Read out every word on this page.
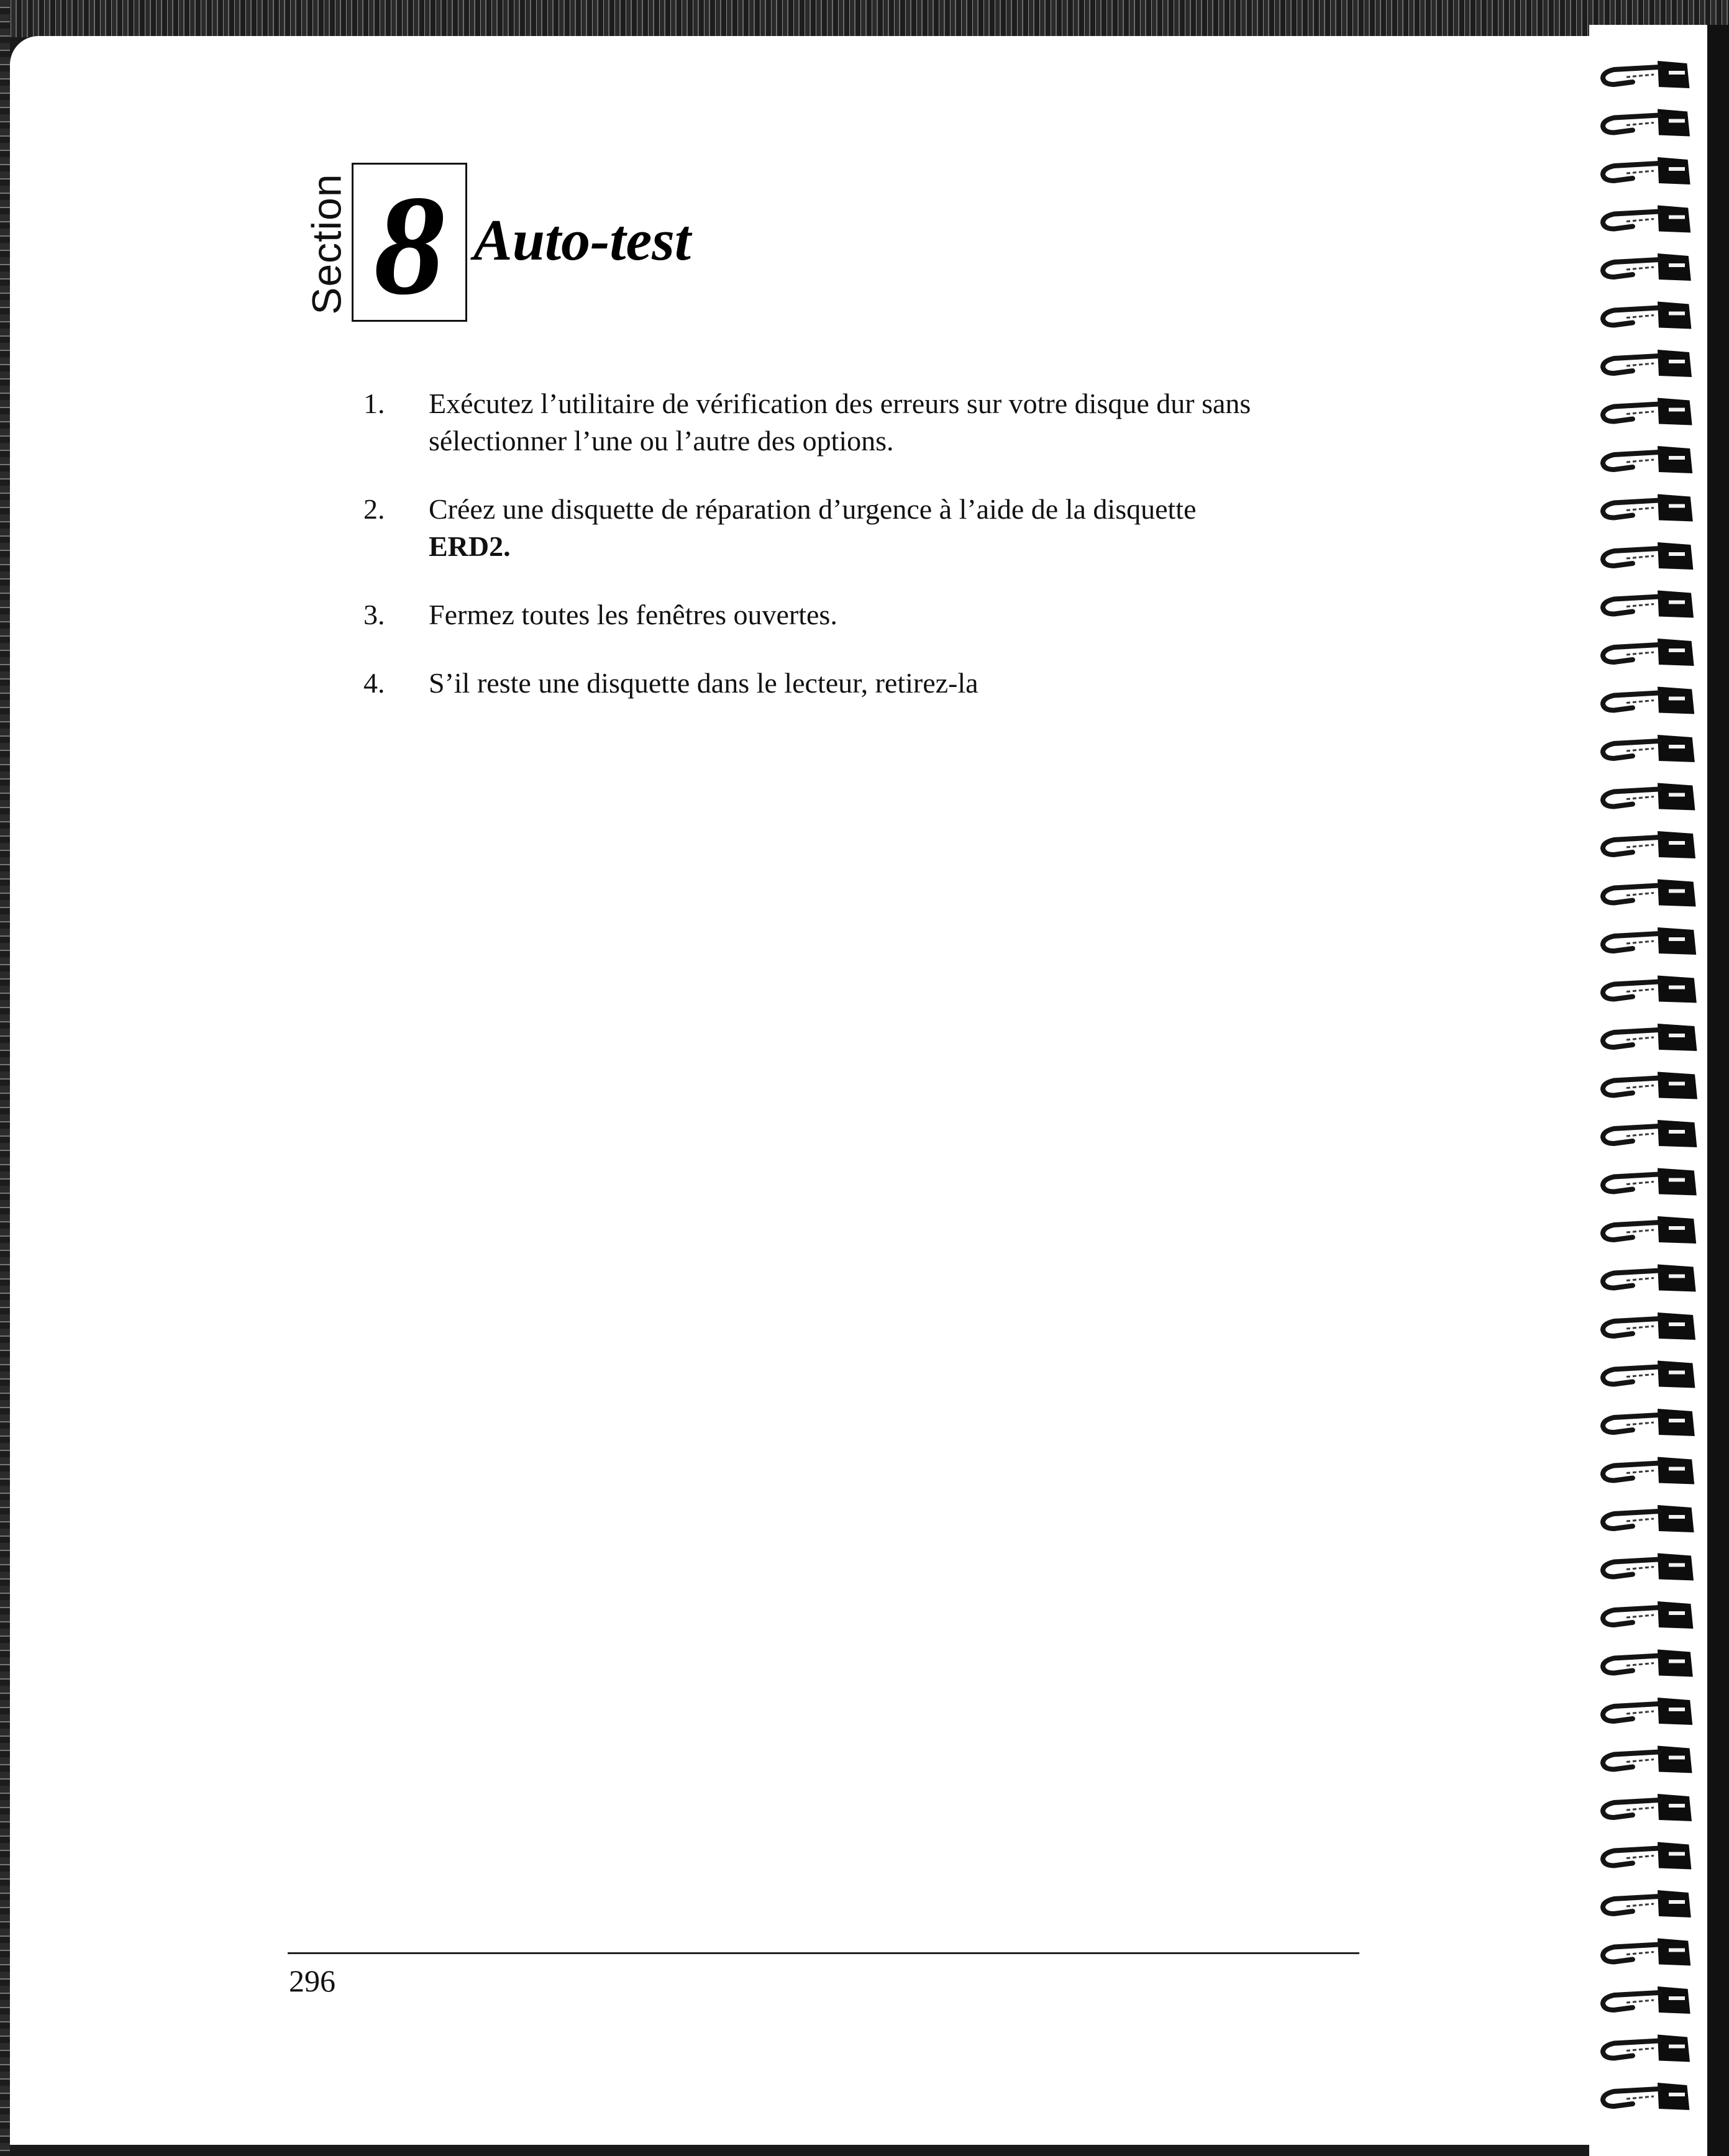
Section 8 Auto-test
1.	Exécutez l’utilitaire de vérification des erreurs sur votre disque dur sans
sélectionner l’une ou l’autre des options.
2.	Créez une disquette de réparation d’urgence à l’aide de la disquette
ERD2.
3.	Fermez toutes les fenêtres ouvertes.
4.	S’il reste une disquette dans le lecteur, retirez-la
296
